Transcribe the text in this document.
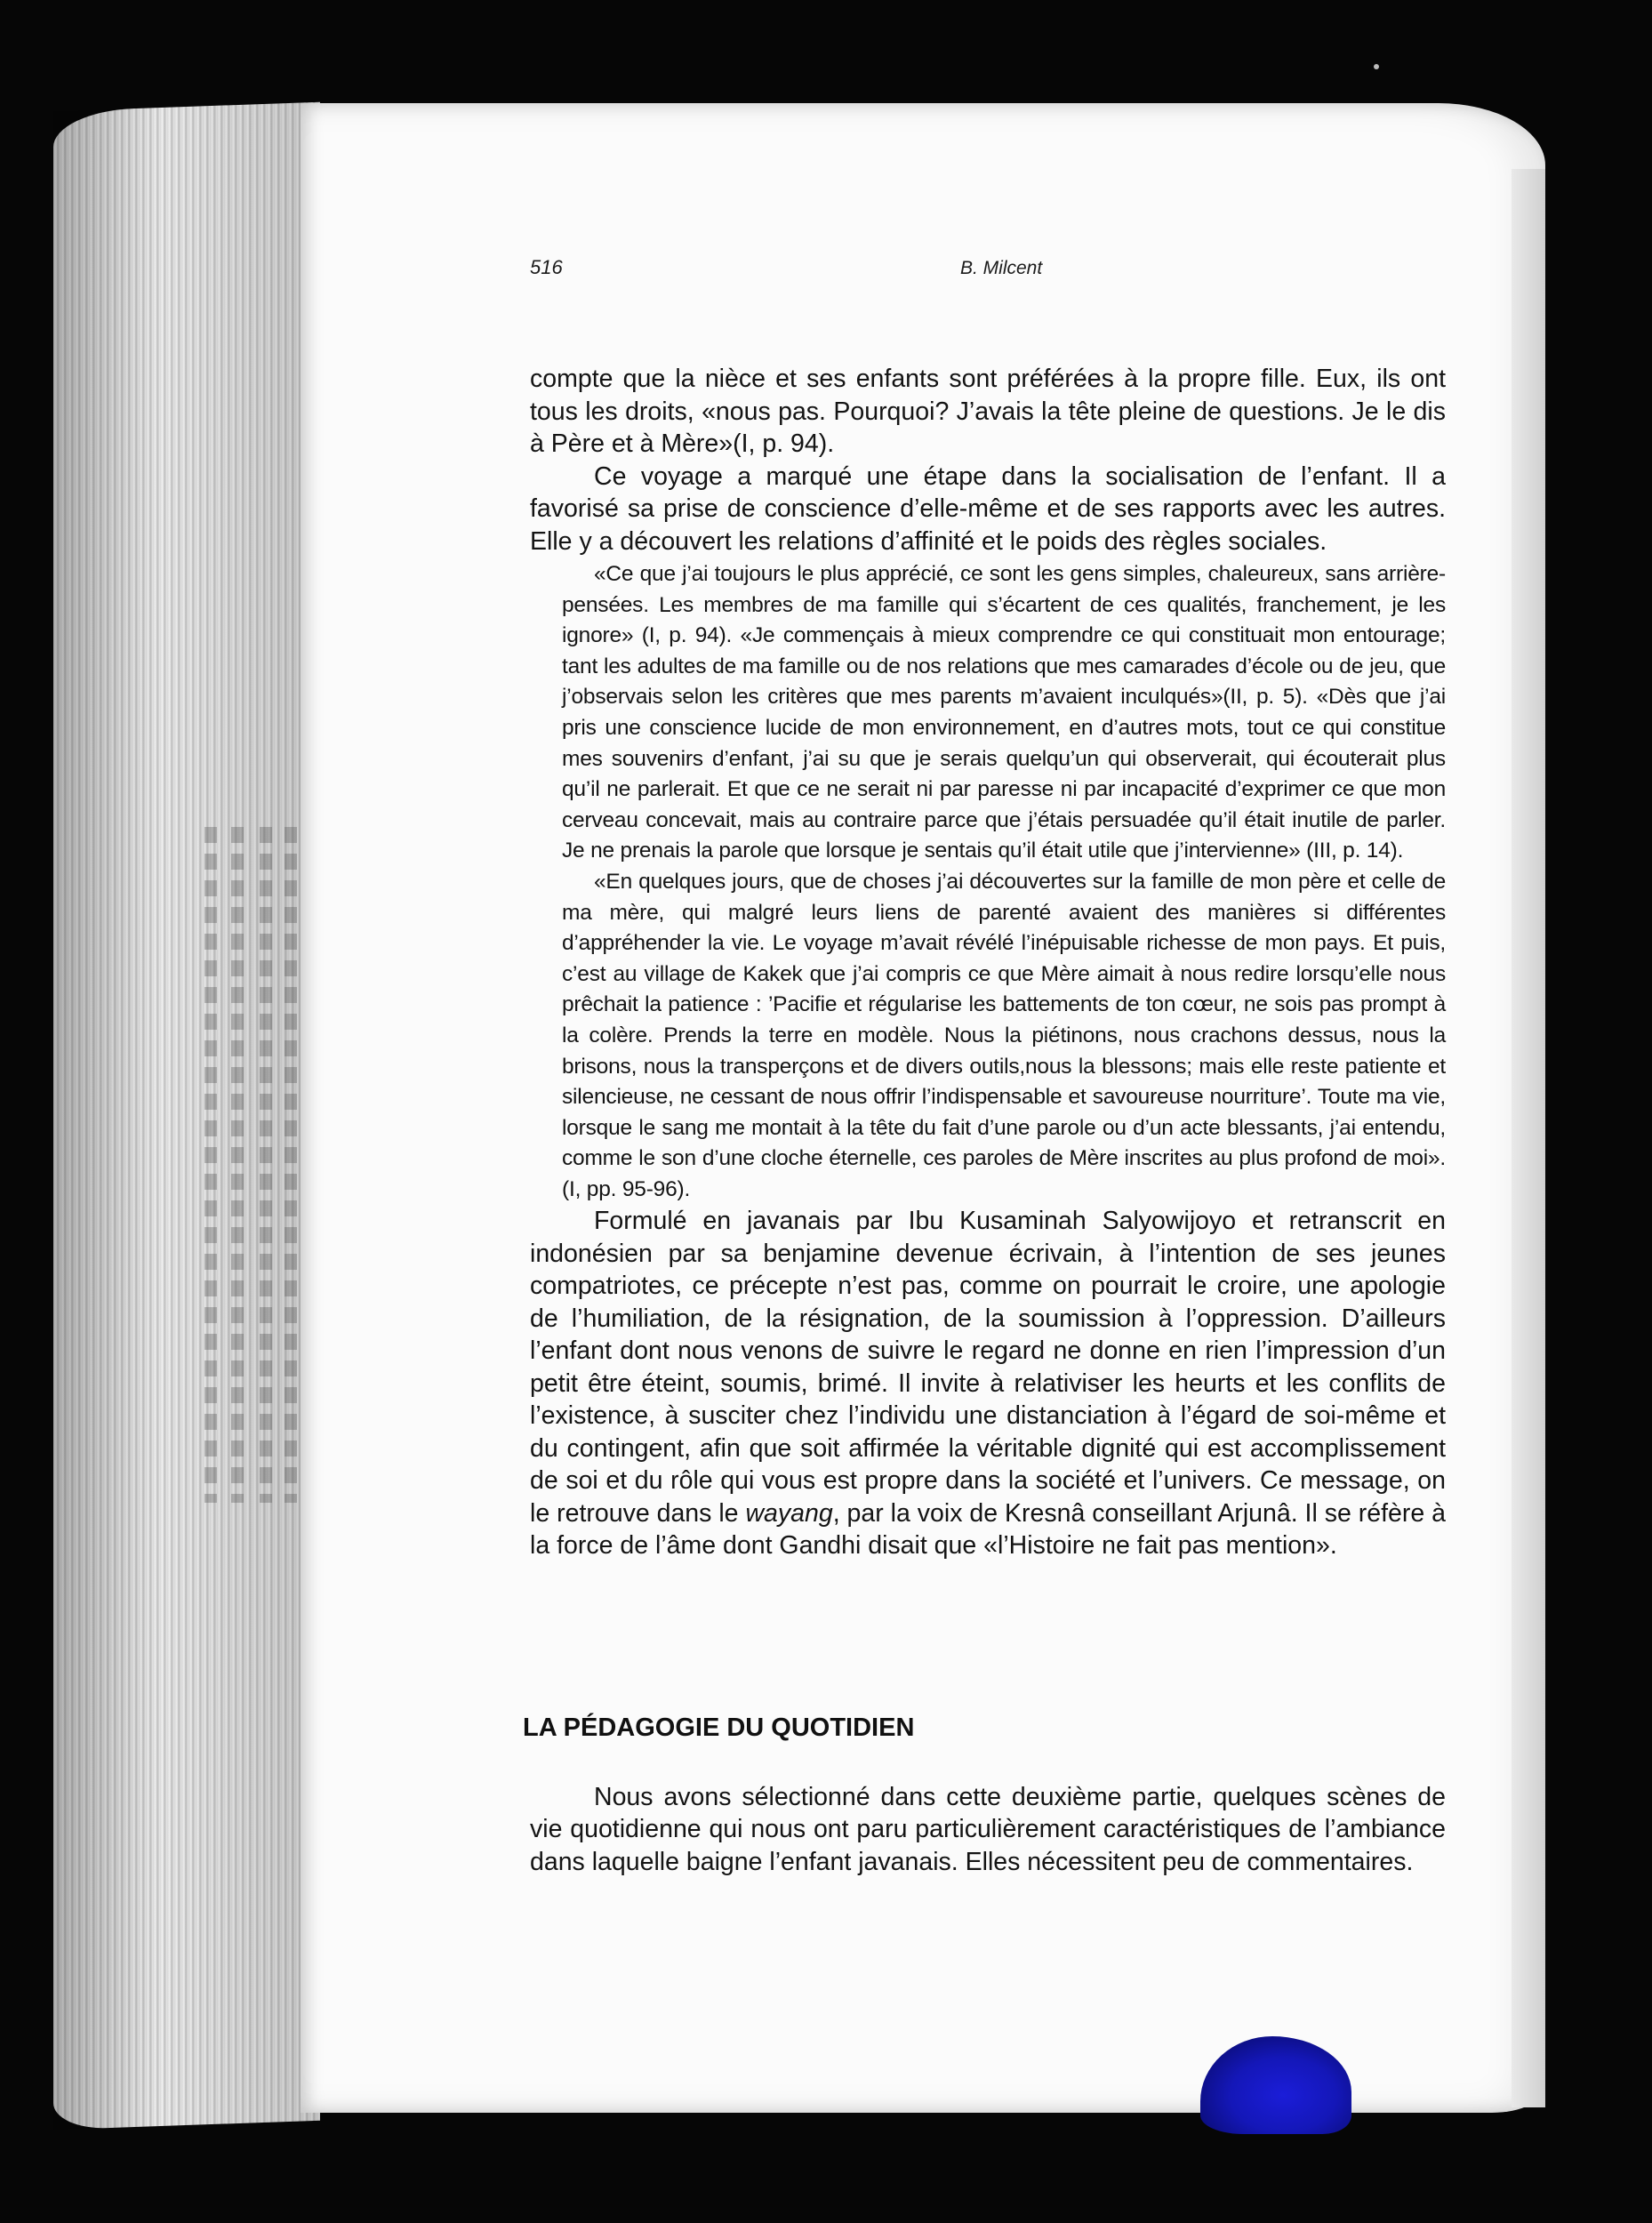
516	B. Milcent

compte que la nièce et ses enfants sont préférées à la propre fille. Eux, ils ont tous les droits, «nous pas. Pourquoi? J’avais la tête pleine de questions. Je le dis à Père et à Mère»(I, p. 94).

Ce voyage a marqué une étape dans la socialisation de l’enfant. Il a favorisé sa prise de conscience d’elle-même et de ses rapports avec les autres. Elle y a découvert les relations d’affinité et le poids des règles sociales.

«Ce que j’ai toujours le plus apprécié, ce sont les gens simples, chaleureux, sans arrière-pensées. Les membres de ma famille qui s’écartent de ces qualités, franchement, je les ignore» (I, p. 94). «Je commençais à mieux comprendre ce qui constituait mon entourage; tant les adultes de ma famille ou de nos relations que mes camarades d’école ou de jeu, que j’observais selon les critères que mes parents m’avaient inculqués»(II, p. 5). «Dès que j’ai pris une conscience lucide de mon environnement, en d’autres mots, tout ce qui constitue mes souvenirs d’enfant, j’ai su que je serais quelqu’un qui observerait, qui écouterait plus qu’il ne parlerait. Et que ce ne serait ni par paresse ni par incapacité d’exprimer ce que mon cerveau concevait, mais au contraire parce que j’étais persuadée qu’il était inutile de parler. Je ne prenais la parole que lorsque je sentais qu’il était utile que j’intervienne» (III, p. 14).

«En quelques jours, que de choses j’ai découvertes sur la famille de mon père et celle de ma mère, qui malgré leurs liens de parenté avaient des manières si différentes d’appréhender la vie. Le voyage m’avait révélé l’inépuisable richesse de mon pays. Et puis, c’est au village de Kakek que j’ai compris ce que Mère aimait à nous redire lorsqu’elle nous prêchait la patience : ’Pacifie et régularise les battements de ton cœur, ne sois pas prompt à la colère. Prends la terre en modèle. Nous la piétinons, nous crachons dessus, nous la brisons, nous la transperçons et de divers outils,nous la blessons; mais elle reste patiente et silencieuse, ne cessant de nous offrir l’indispensable et savoureuse nourriture’. Toute ma vie, lorsque le sang me montait à la tête du fait d’une parole ou d’un acte blessants, j’ai entendu, comme le son d’une cloche éternelle, ces paroles de Mère inscrites au plus profond de moi». (I, pp. 95-96).

Formulé en javanais par Ibu Kusaminah Salyowijoyo et retranscrit en indonésien par sa benjamine devenue écrivain, à l’intention de ses jeunes compatriotes, ce précepte n’est pas, comme on pourrait le croire, une apologie de l’humiliation, de la résignation, de la soumission à l’oppression. D’ailleurs l’enfant dont nous venons de suivre le regard ne donne en rien l’impression d’un petit être éteint, soumis, brimé. Il invite à relativiser les heurts et les conflits de l’existence, à susciter chez l’individu une distanciation à l’égard de soi-même et du contingent, afin que soit affirmée la véritable dignité qui est accomplissement de soi et du rôle qui vous est propre dans la société et l’univers. Ce message, on le retrouve dans le wayang, par la voix de Kresnâ conseillant Arjunâ. Il se réfère à la force de l’âme dont Gandhi disait que «l’Histoire ne fait pas mention».

LA PÉDAGOGIE DU QUOTIDIEN

Nous avons sélectionné dans cette deuxième partie, quelques scènes de vie quotidienne qui nous ont paru particulièrement caractéristiques de l’ambiance dans laquelle baigne l’enfant javanais. Elles nécessitent peu de commentaires.
